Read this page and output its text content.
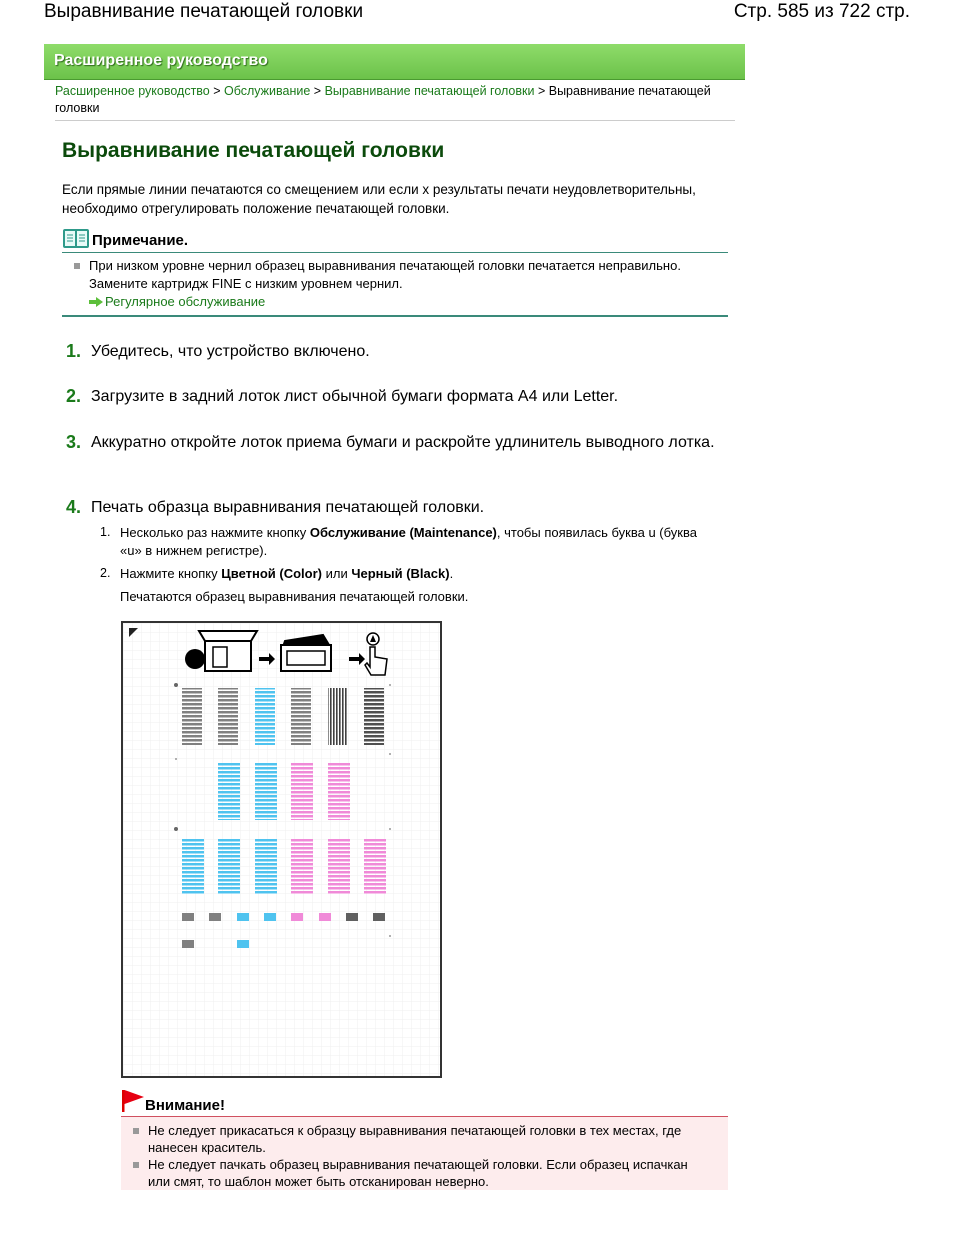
Выравнивание печатающей головки	Стр. 585 из 722 стр.
Расширенное руководство
Расширенное руководство > Обслуживание > Выравнивание печатающей головки > Выравнивание печатающей головки
Выравнивание печатающей головки
Если прямые линии печатаются со смещением или если х результаты печати неудовлетворительны, необходимо отрегулировать положение печатающей головки.
Примечание.
При низком уровне чернил образец выравнивания печатающей головки печатается неправильно. Замените картридж FINE с низким уровнем чернил.
Регулярное обслуживание
1. Убедитесь, что устройство включено.
2. Загрузите в задний лоток лист обычной бумаги формата A4 или Letter.
3. Аккуратно откройте лоток приема бумаги и раскройте удлинитель выводного лотка.
4. Печать образца выравнивания печатающей головки.
1. Несколько раз нажмите кнопку Обслуживание (Maintenance), чтобы появилась буква u (буква «u» в нижнем регистре).
2. Нажмите кнопку Цветной (Color) или Черный (Black).
Печатаются образец выравнивания печатающей головки.
Внимание!
Не следует прикасаться к образцу выравнивания печатающей головки в тех местах, где нанесен краситель.
Не следует пачкать образец выравнивания печатающей головки. Если образец испачкан или смят, то шаблон может быть отсканирован неверно.
